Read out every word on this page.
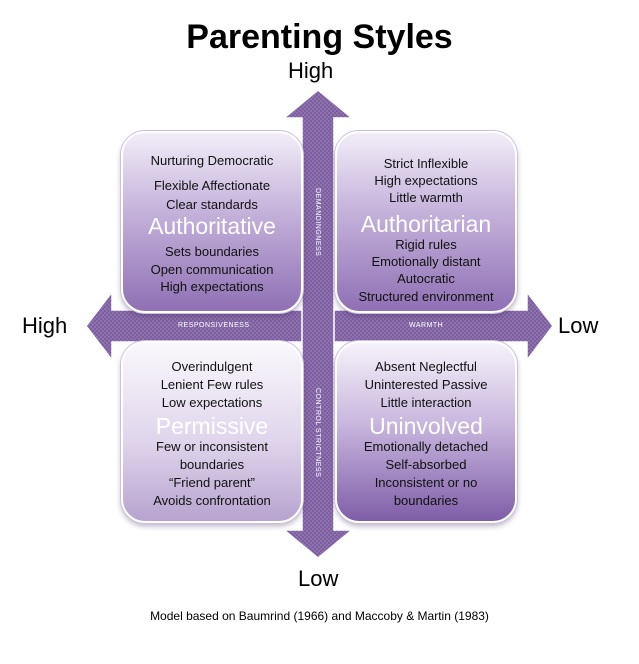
Parenting Styles
High
Low
High	Low
Nurturing Democratic
Flexible Affectionate
Clear standards
Authoritative
Sets boundaries
Open communication
High expectations
Strict Inflexible
High expectations
Little warmth
Authoritarian
Rigid rules
Emotionally distant
Autocratic
Structured environment
Overindulgent
Lenient Few rules
Low expectations
Permissive
Few or inconsistent
boundaries
“Friend parent”
Avoids confrontation
Absent Neglectful
Uninterested Passive
Little interaction
Uninvolved
Emotionally detached
Self-absorbed
Inconsistent or no
boundaries
RESPONSIVENESS	WARMTH
DEMANDINGNESS
CONTROL STRICTNESS
Model based on Baumrind (1966) and Maccoby & Martin (1983)
